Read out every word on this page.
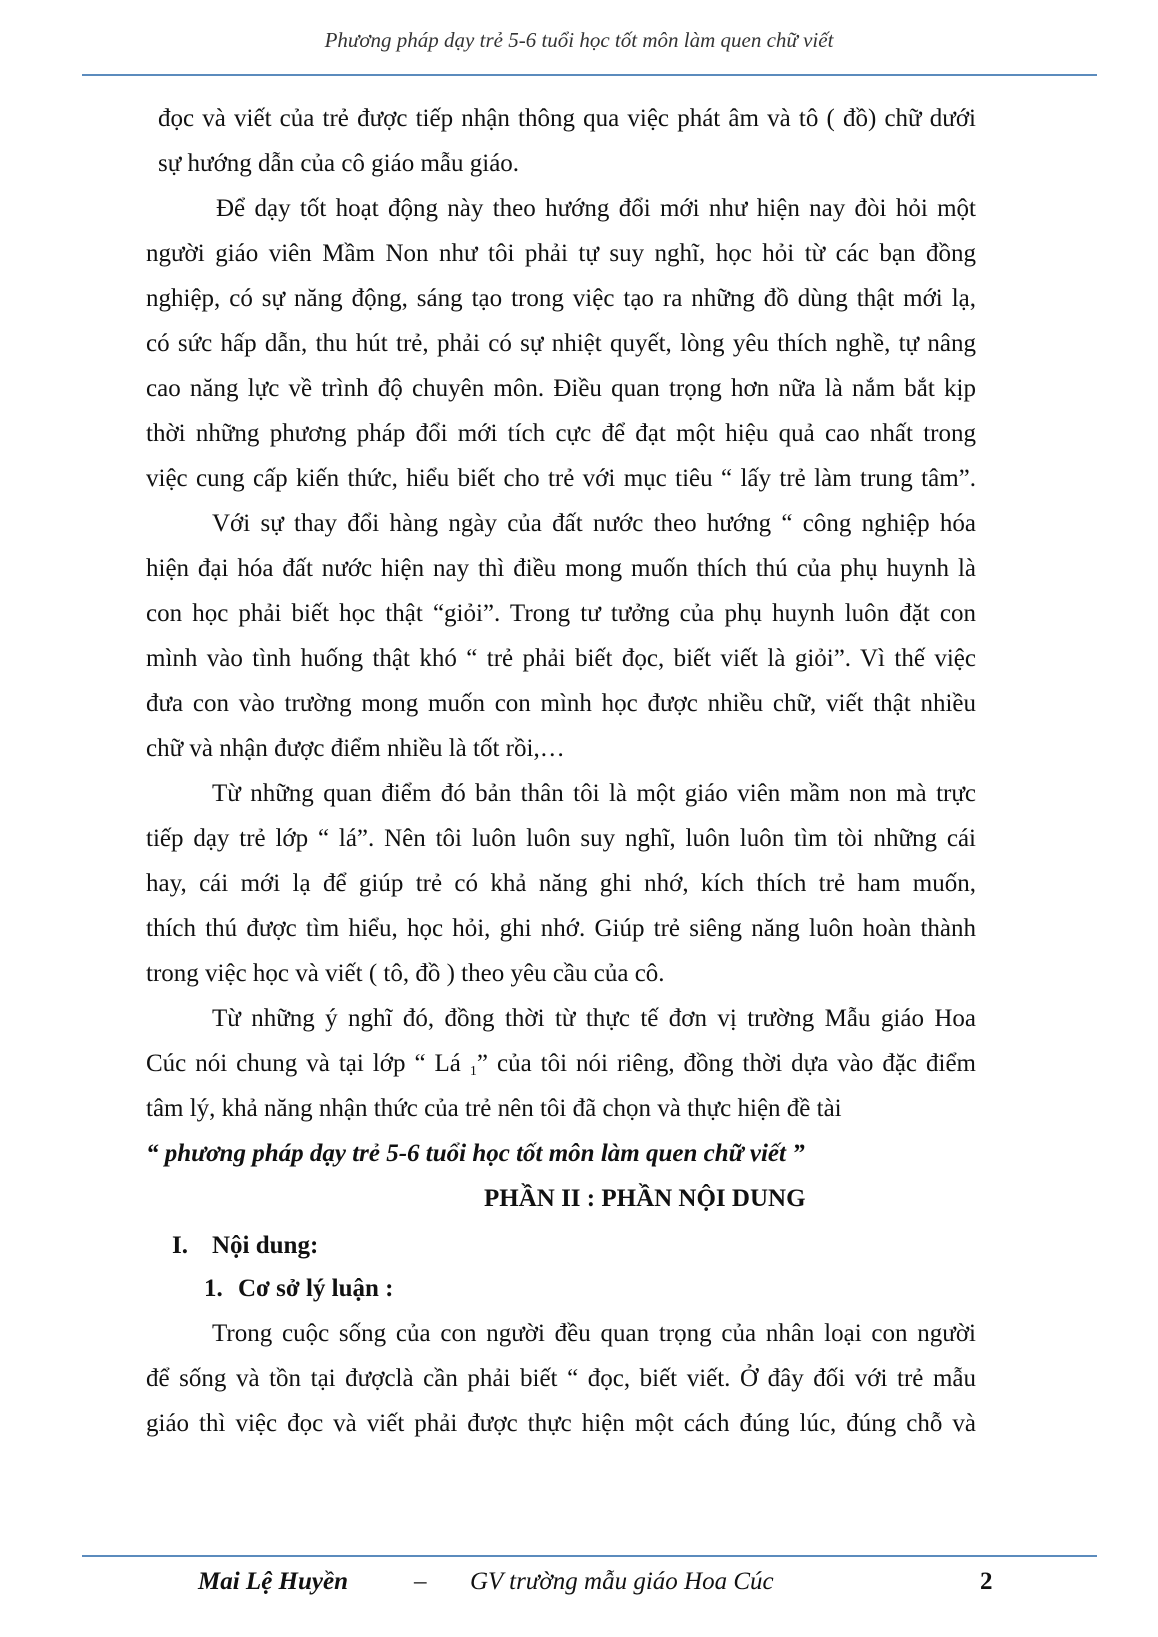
Phương pháp dạy trẻ 5-6 tuổi học tốt môn làm quen chữ viết
đọc và viết của trẻ được tiếp nhận thông qua việc phát âm và tô ( đồ) chữ dưới
sự hướng dẫn của cô giáo mẫu giáo.
Để dạy tốt hoạt động này theo hướng đổi mới như hiện nay đòi hỏi một
người giáo viên Mầm Non như tôi phải tự suy nghĩ, học hỏi từ các bạn đồng
nghiệp, có sự năng động, sáng tạo trong việc tạo ra những đồ dùng thật mới lạ,
có sức hấp dẫn, thu hút trẻ, phải có sự nhiệt quyết, lòng yêu thích nghề, tự nâng
cao năng lực về trình độ chuyên môn. Điều quan trọng hơn nữa là nắm bắt kịp
thời những phương pháp đổi mới tích cực để đạt một hiệu quả cao nhất trong
việc cung cấp kiến thức, hiểu biết cho trẻ với mục tiêu “ lấy trẻ làm trung tâm”.
Với sự thay đổi hàng ngày của đất nước theo hướng “ công nghiệp hóa
hiện đại hóa đất nước hiện nay thì điều mong muốn thích thú của phụ huynh là
con học phải biết học thật “giỏi”. Trong tư tưởng của phụ huynh luôn đặt con
mình vào tình huống thật khó “ trẻ phải biết đọc, biết viết là giỏi”. Vì thế việc
đưa con vào trường mong muốn con mình học được nhiều chữ, viết thật nhiều
chữ và nhận được điểm nhiều là tốt rồi,…
Từ những quan điểm đó bản thân tôi là một giáo viên mầm non mà trực
tiếp dạy trẻ lớp “ lá”. Nên tôi luôn luôn suy nghĩ, luôn luôn tìm tòi những cái
hay, cái mới lạ để giúp trẻ có khả năng ghi nhớ, kích thích trẻ ham muốn,
thích thú được tìm hiểu, học hỏi, ghi nhớ. Giúp trẻ siêng năng luôn hoàn thành
trong việc học và viết ( tô, đồ ) theo yêu cầu của cô.
Từ những ý nghĩ đó, đồng thời từ thực tế đơn vị trường Mẫu giáo Hoa
Cúc nói chung và tại lớp “ Lá $_1$” của tôi nói riêng, đồng thời dựa vào đặc điểm
tâm lý, khả năng nhận thức của trẻ nên tôi đã chọn và thực hiện đề tài
“ phương pháp dạy trẻ 5-6 tuổi học tốt môn làm quen chữ viết ”
PHẦN II : PHẦN NỘI DUNG
I. Nội dung:
1. Cơ sở lý luận :
Trong cuộc sống của con người đều quan trọng của nhân loại con người
để sống và tồn tại đượclà cần phải biết “ đọc, biết viết. Ở đây đối với trẻ mẫu
giáo thì việc đọc và viết phải được thực hiện một cách đúng lúc, đúng chỗ và
Mai Lệ Huyền	– GV trường mẫu giáo Hoa Cúc	2
